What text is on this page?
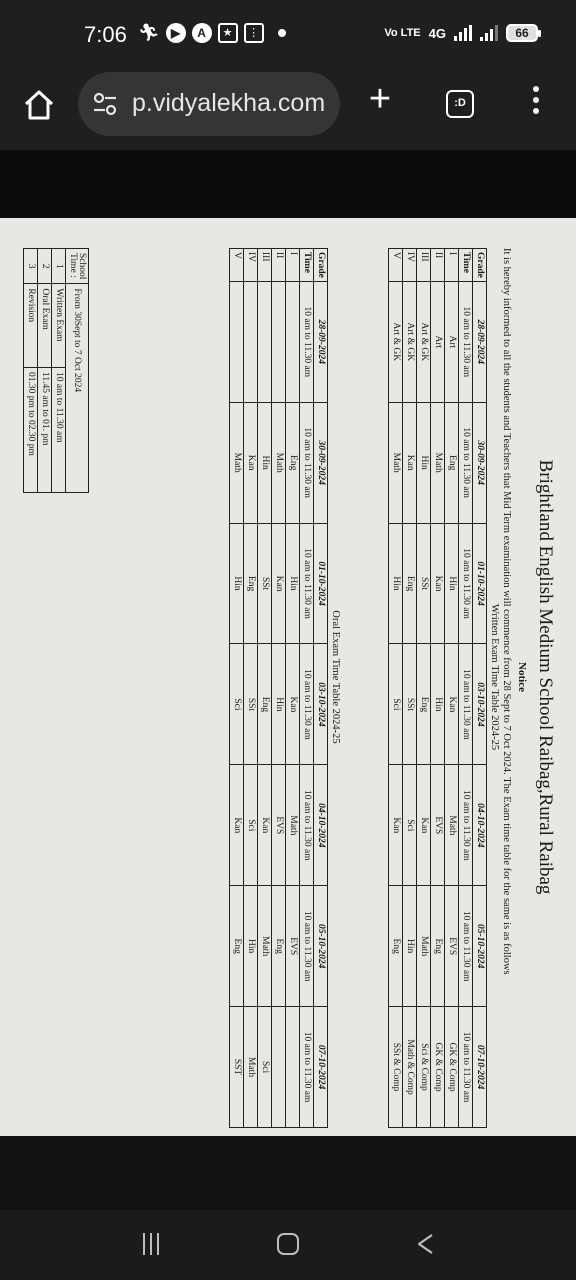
7:06 🏃︎ ▶	A	★	⋮	Vo LTE 4G	66
p.vidyalekha.com +	:D
Brightland English Medium School Raibag,Rural Raibag
Notice
It is hereby informed to all the students and Teachers that Mid Term examination will commence from 28 Sept to 7 Oct 2024. The Exam time table for the same is as follows
Written Exam Time Table 2024-25
Grade	28-09-2024	30-09-2024	01-10-2024	03-10-2024	04-10-2024	05-10-2024	07-10-2024
Time	10 am to 11.30 am	10 am to 11.30 am	10 am to 11.30 am	10 am to 11.30 am	10 am to 11.30 am	10 am to 11.30 am	10 am to 11.30 am
I	Art	Eng	Hin	Kan	Math	EVS	GK & Comp
II	Art	Math	Kan	Hin	EVS	Eng	GK & Comp
III	Art & GK	Hin	SSt	Eng	Kan	Math	Sci & Comp
IV	Art & GK	Kan	Eng	SSt	Sci	Hin	Math & Comp
V	Art & GK	Math	Hin	Sci	Kan	Eng	SSt & Comp
Oral Exam Time Table 2024-25
Grade	28-09-2024	30-09-2024	01-10-2024	03-10-2024	04-10-2024	05-10-2024	07-10-2024
Time	10 am to 11.30 am	10 am to 11.30 am	10 am to 11.30 am	10 am to 11.30 am	10 am to 11.30 am	10 am to 11.30 am	10 am to 11.30 am
I		Eng	Hin	Kan	Math	EVS	
II		Math	Kan	Hin	EVS	Eng	
III		Hin	SSt	Eng	Kan	Math	Sci
IV		Kan	Eng	SSt	Sci	Hin	Math
V		Math	Hin	Sci	Kan	Eng	SST
School Time :	From 30Sept to 7 Oct 2024	
1	Written Exam	10 am to 11.30 am
2	Oral Exam	11.45 am to 01. pm
3	Revision	01.30 pm to 02.30 pm
